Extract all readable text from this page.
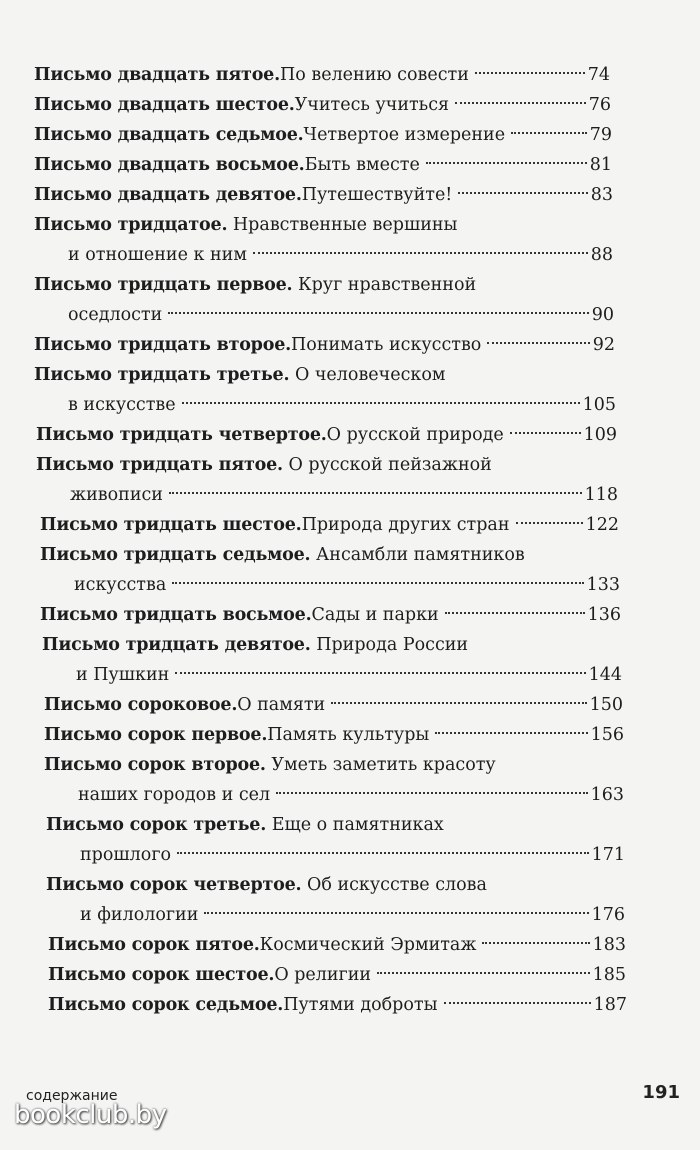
Письмо двадцать пятое. По велению совести	74
Письмо двадцать шестое. Учитесь учиться	76
Письмо двадцать седьмое. Четвертое измерение	79
Письмо двадцать восьмое. Быть вместе	81
Письмо двадцать девятое. Путешествуйте!	83
Письмо тридцатое. Нравственные вершины
и отношение к ним	88
Письмо тридцать первое. Круг нравственной
оседлости	90
Письмо тридцать второе. Понимать искусство	92
Письмо тридцать третье. О человеческом
в искусстве	105
Письмо тридцать четвертое. О русской природе	109
Письмо тридцать пятое. О русской пейзажной
живописи	118
Письмо тридцать шестое. Природа других стран	122
Письмо тридцать седьмое. Ансамбли памятников
искусства	133
Письмо тридцать восьмое. Сады и парки	136
Письмо тридцать девятое. Природа России
и Пушкин	144
Письмо сороковое. О памяти	150
Письмо сорок первое. Память культуры	156
Письмо сорок второе. Уметь заметить красоту
наших городов и сел	163
Письмо сорок третье. Еще о памятниках
прошлого	171
Письмо сорок четвертое. Об искусстве слова
и филологии	176
Письмо сорок пятое. Космический Эрмитаж	183
Письмо сорок шестое. О религии	185
Письмо сорок седьмое. Путями доброты	187
содержание	191
bookclub.by
